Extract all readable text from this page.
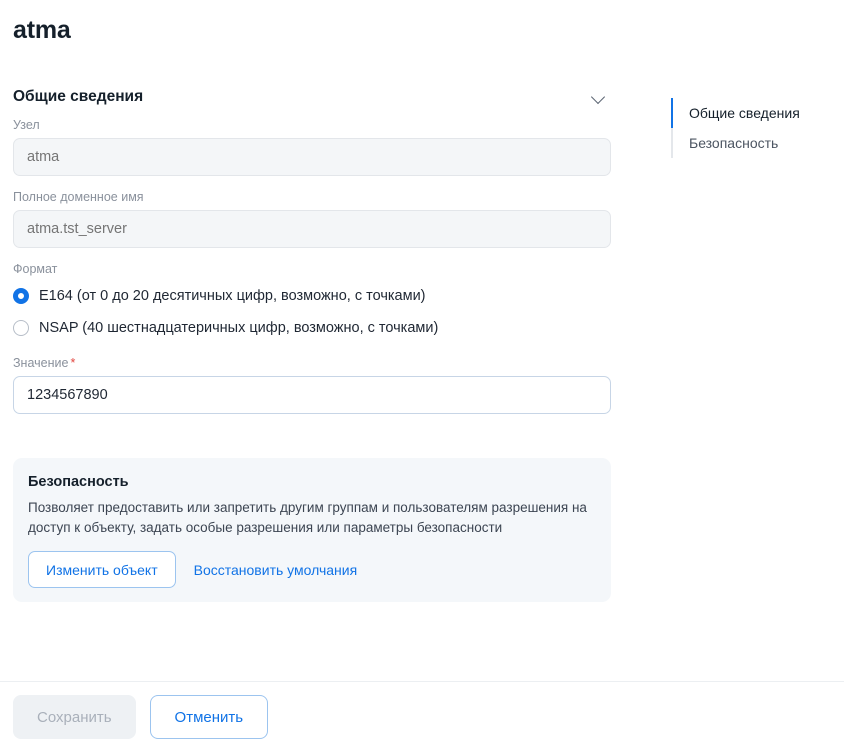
atma
Общие сведения
Узел
atma
Полное доменное имя
atma.tst_server
Формат
E164 (от 0 до 20 десятичных цифр, возможно, с точками)
NSAP (40 шестнадцатеричных цифр, возможно, с точками)
Значение *
1234567890
Безопасность
Позволяет предоставить или запретить другим группам и пользователям разрешения на доступ к объекту, задать особые разрешения или параметры безопасности
Изменить объект	Восстановить умолчания
Общие сведения
Безопасность
Сохранить	Отменить
